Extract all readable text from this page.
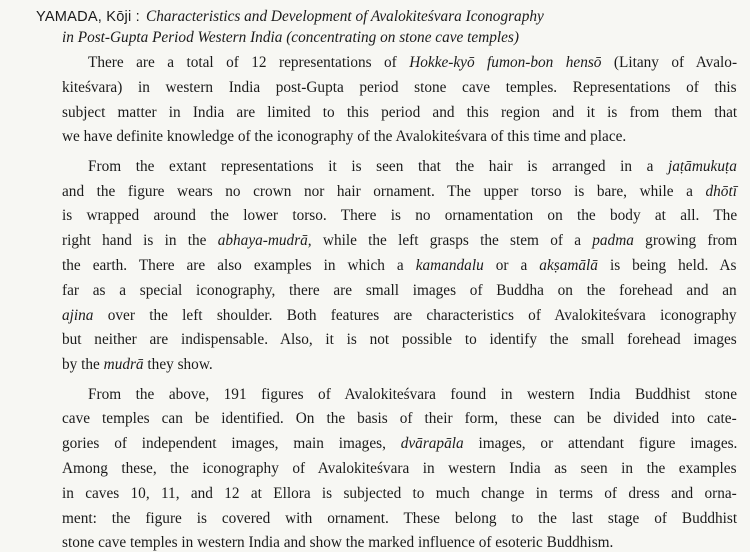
YAMADA, Kōji : Characteristics and Development of Avalokiteśvara Iconography
in Post-Gupta Period Western India (concentrating on stone cave temples)
There are a total of 12 representations of Hokke-kyō fumon-bon hensō (Litany of Avalo-
kiteśvara) in western India post-Gupta period stone cave temples. Representations of this
subject matter in India are limited to this period and this region and it is from them that
we have definite knowledge of the iconography of the Avalokiteśvara of this time and place.
From the extant representations it is seen that the hair is arranged in a jaṭāmukuṭa
and the figure wears no crown nor hair ornament. The upper torso is bare, while a dhōtī
is wrapped around the lower torso. There is no ornamentation on the body at all. The
right hand is in the abhaya-mudrā, while the left grasps the stem of a padma growing from
the earth. There are also examples in which a kamandalu or a akṣamālā is being held. As
far as a special iconography, there are small images of Buddha on the forehead and an
ajina over the left shoulder. Both features are characteristics of Avalokiteśvara iconography
but neither are indispensable. Also, it is not possible to identify the small forehead images
by the mudrā they show.
From the above, 191 figures of Avalokiteśvara found in western India Buddhist stone
cave temples can be identified. On the basis of their form, these can be divided into cate-
gories of independent images, main images, dvārapāla images, or attendant figure images.
Among these, the iconography of Avalokiteśvara in western India as seen in the examples
in caves 10, 11, and 12 at Ellora is subjected to much change in terms of dress and orna-
ment: the figure is covered with ornament. These belong to the last stage of Buddhist
stone cave temples in western India and show the marked influence of esoteric Buddhism.
